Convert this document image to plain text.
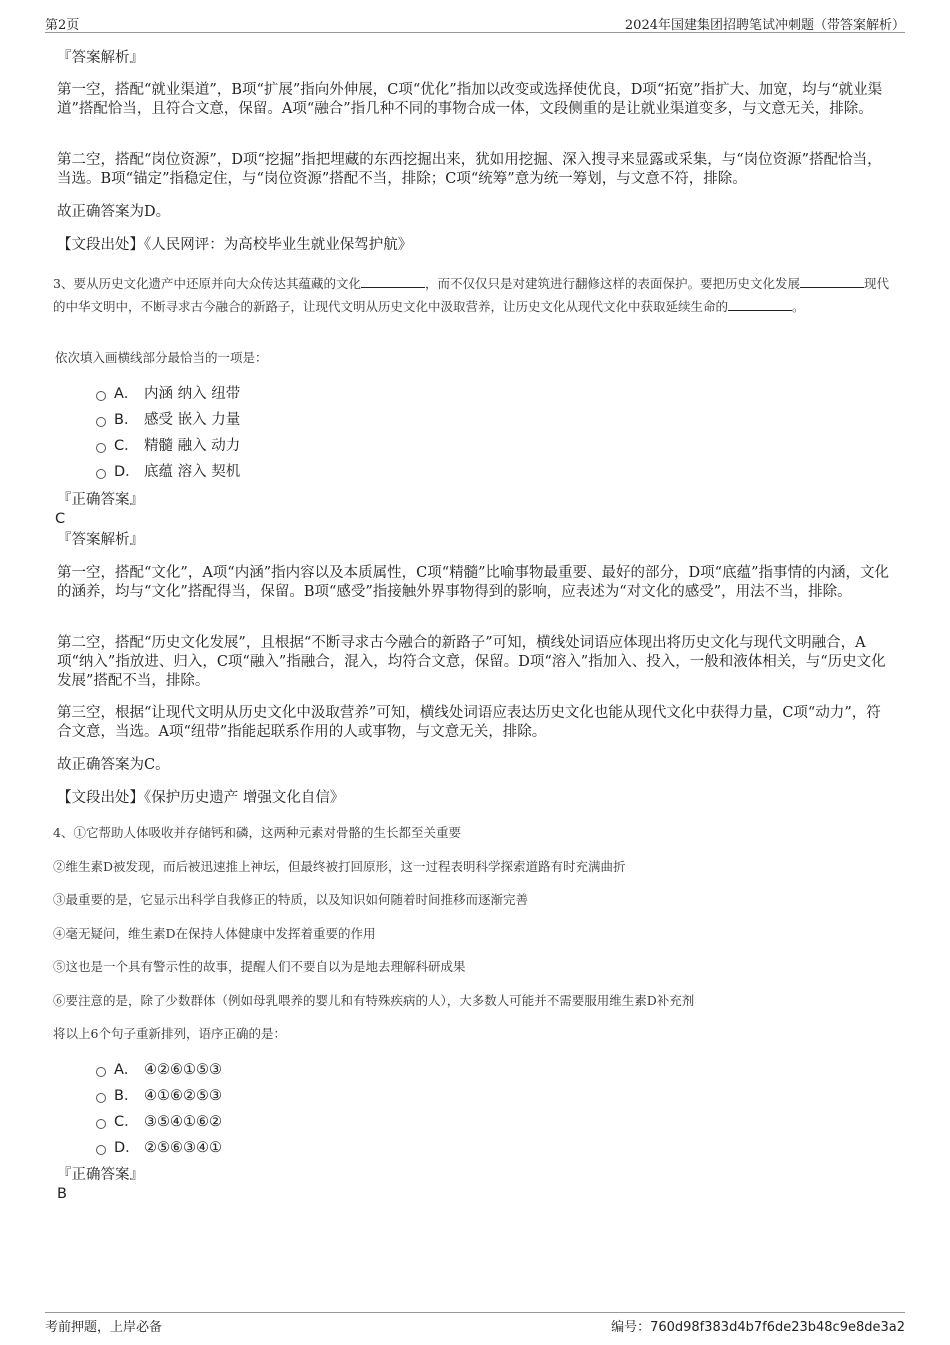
第2页	2024年国建集团招聘笔试冲刺题（带答案解析）
『答案解析』
第一空，搭配“就业渠道”，B项“扩展”指向外伸展，C项“优化”指加以改变或选择使优良，D项“拓宽”指扩大、加宽，均与“就业渠道”搭配恰当，且符合文意，保留。A项“融合”指几种不同的事物合成一体，文段侧重的是让就业渠道变多，与文意无关，排除。
第二空，搭配“岗位资源”，D项“挖掘”指把埋藏的东西挖掘出来，犹如用挖掘、深入搜寻来显露或采集，与“岗位资源”搭配恰当，当选。B项“锚定”指稳定住，与“岗位资源”搭配不当，排除；C项“统筹”意为统一筹划，与文意不符，排除。
故正确答案为D。
【文段出处】《人民网评：为高校毕业生就业保驾护航》
3、要从历史文化遗产中还原并向大众传达其蕴藏的文化	，而不仅仅只是对建筑进行翻修这样的表面保护。要把历史文化发展	现代的中华文明中，不断寻求古今融合的新路子，让现代文明从历史文化中汲取营养，让历史文化从现代文化中获取延续生命的	。
依次填入画横线部分最恰当的一项是：
A． 内涵 纳入 纽带
B． 感受 嵌入 力量
C． 精髓 融入 动力
D． 底蕴 溶入 契机
『正确答案』
C
『答案解析』
第一空，搭配“文化”，A项“内涵”指内容以及本质属性，C项“精髓”比喻事物最重要、最好的部分，D项“底蕴”指事情的内涵，文化的涵养，均与“文化”搭配得当，保留。B项“感受”指接触外界事物得到的影响，应表述为“对文化的感受”，用法不当，排除。
第二空，搭配“历史文化发展”，且根据“不断寻求古今融合的新路子”可知，横线处词语应体现出将历史文化与现代文明融合，A项“纳入”指放进、归入，C项“融入”指融合，混入，均符合文意，保留。D项“溶入”指加入、投入，一般和液体相关，与“历史文化发展”搭配不当，排除。
第三空，根据“让现代文明从历史文化中汲取营养”可知，横线处词语应表达历史文化也能从现代文化中获得力量，C项“动力”，符合文意，当选。A项“纽带”指能起联系作用的人或事物，与文意无关，排除。
故正确答案为C。
【文段出处】《保护历史遗产 增强文化自信》
4、①它帮助人体吸收并存储钙和磷，这两种元素对骨骼的生长都至关重要
②维生素D被发现，而后被迅速推上神坛，但最终被打回原形，这一过程表明科学探索道路有时充满曲折
③最重要的是，它显示出科学自我修正的特质，以及知识如何随着时间推移而逐渐完善
④毫无疑问，维生素D在保持人体健康中发挥着重要的作用
⑤这也是一个具有警示性的故事，提醒人们不要自以为是地去理解科研成果
⑥要注意的是，除了少数群体（例如母乳喂养的婴儿和有特殊疾病的人），大多数人可能并不需要服用维生素D补充剂
将以上6个句子重新排列，语序正确的是：
A． ④②⑥①⑤③
B． ④①⑥②⑤③
C． ③⑤④①⑥②
D． ②⑤⑥③④①
『正确答案』
B
考前押题，上岸必备	编号：760d98f383d4b7f6de23b48c9e8de3a2
